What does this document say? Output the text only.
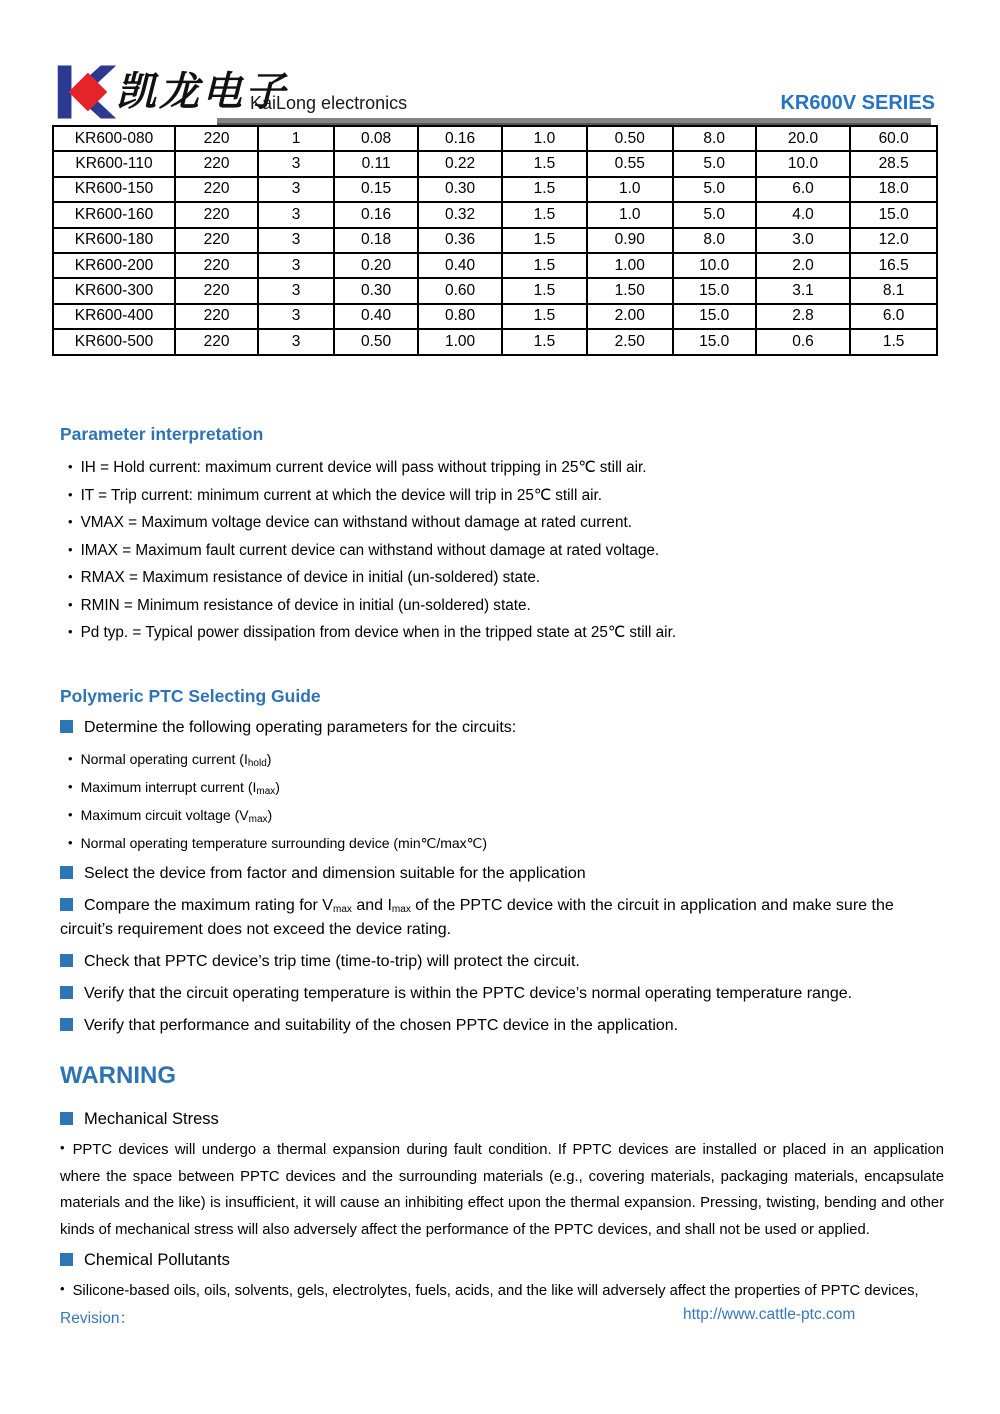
凯龙电子
KaiLong electronics	KR600V SERIES
KR600-080	220	1	0.08	0.16	1.0	0.50	8.0	20.0	60.0
KR600-110	220	3	0.11	0.22	1.5	0.55	5.0	10.0	28.5
KR600-150	220	3	0.15	0.30	1.5	1.0	5.0	6.0	18.0
KR600-160	220	3	0.16	0.32	1.5	1.0	5.0	4.0	15.0
KR600-180	220	3	0.18	0.36	1.5	0.90	8.0	3.0	12.0
KR600-200	220	3	0.20	0.40	1.5	1.00	10.0	2.0	16.5
KR600-300	220	3	0.30	0.60	1.5	1.50	15.0	3.1	8.1
KR600-400	220	3	0.40	0.80	1.5	2.00	15.0	2.8	6.0
KR600-500	220	3	0.50	1.00	1.5	2.50	15.0	0.6	1.5
Parameter interpretation
• IH = Hold current: maximum current device will pass without tripping in 25℃ still air.
• IT = Trip current: minimum current at which the device will trip in 25℃ still air.
• VMAX = Maximum voltage device can withstand without damage at rated current.
• IMAX = Maximum fault current device can withstand without damage at rated voltage.
• RMAX = Maximum resistance of device in initial (un-soldered) state.
• RMIN = Minimum resistance of device in initial (un-soldered) state.
• Pd typ. = Typical power dissipation from device when in the tripped state at 25℃ still air.
Polymeric PTC Selecting Guide
Determine the following operating parameters for the circuits:
• Normal operating current $(I_{hold})$
• Maximum interrupt current $(I_{max})$
• Maximum circuit voltage $(V_{max})$
• Normal operating temperature surrounding device (min℃/max℃)
Select the device from factor and dimension suitable for the application
Compare the maximum rating for $V_{max}$ and $I_{max}$ of the PPTC device with the circuit in application and make sure the circuit’s requirement does not exceed the device rating.
Check that PPTC device’s trip time (time-to-trip) will protect the circuit.
Verify that the circuit operating temperature is within the PPTC device’s normal operating temperature range.
Verify that performance and suitability of the chosen PPTC device in the application.
WARNING
Mechanical Stress
• PPTC devices will undergo a thermal expansion during fault condition. If PPTC devices are installed or placed in an application where the space between PPTC devices and the surrounding materials (e.g., covering materials, packaging materials, encapsulate materials and the like) is insufficient, it will cause an inhibiting effect upon the thermal expansion. Pressing, twisting, bending and other kinds of mechanical stress will also adversely affect the performance of the PPTC devices, and shall not be used or applied.
Chemical Pollutants
• Silicone-based oils, oils, solvents, gels, electrolytes, fuels, acids, and the like will adversely affect the properties of PPTC devices,
Revision：	http://www.cattle-ptc.com
